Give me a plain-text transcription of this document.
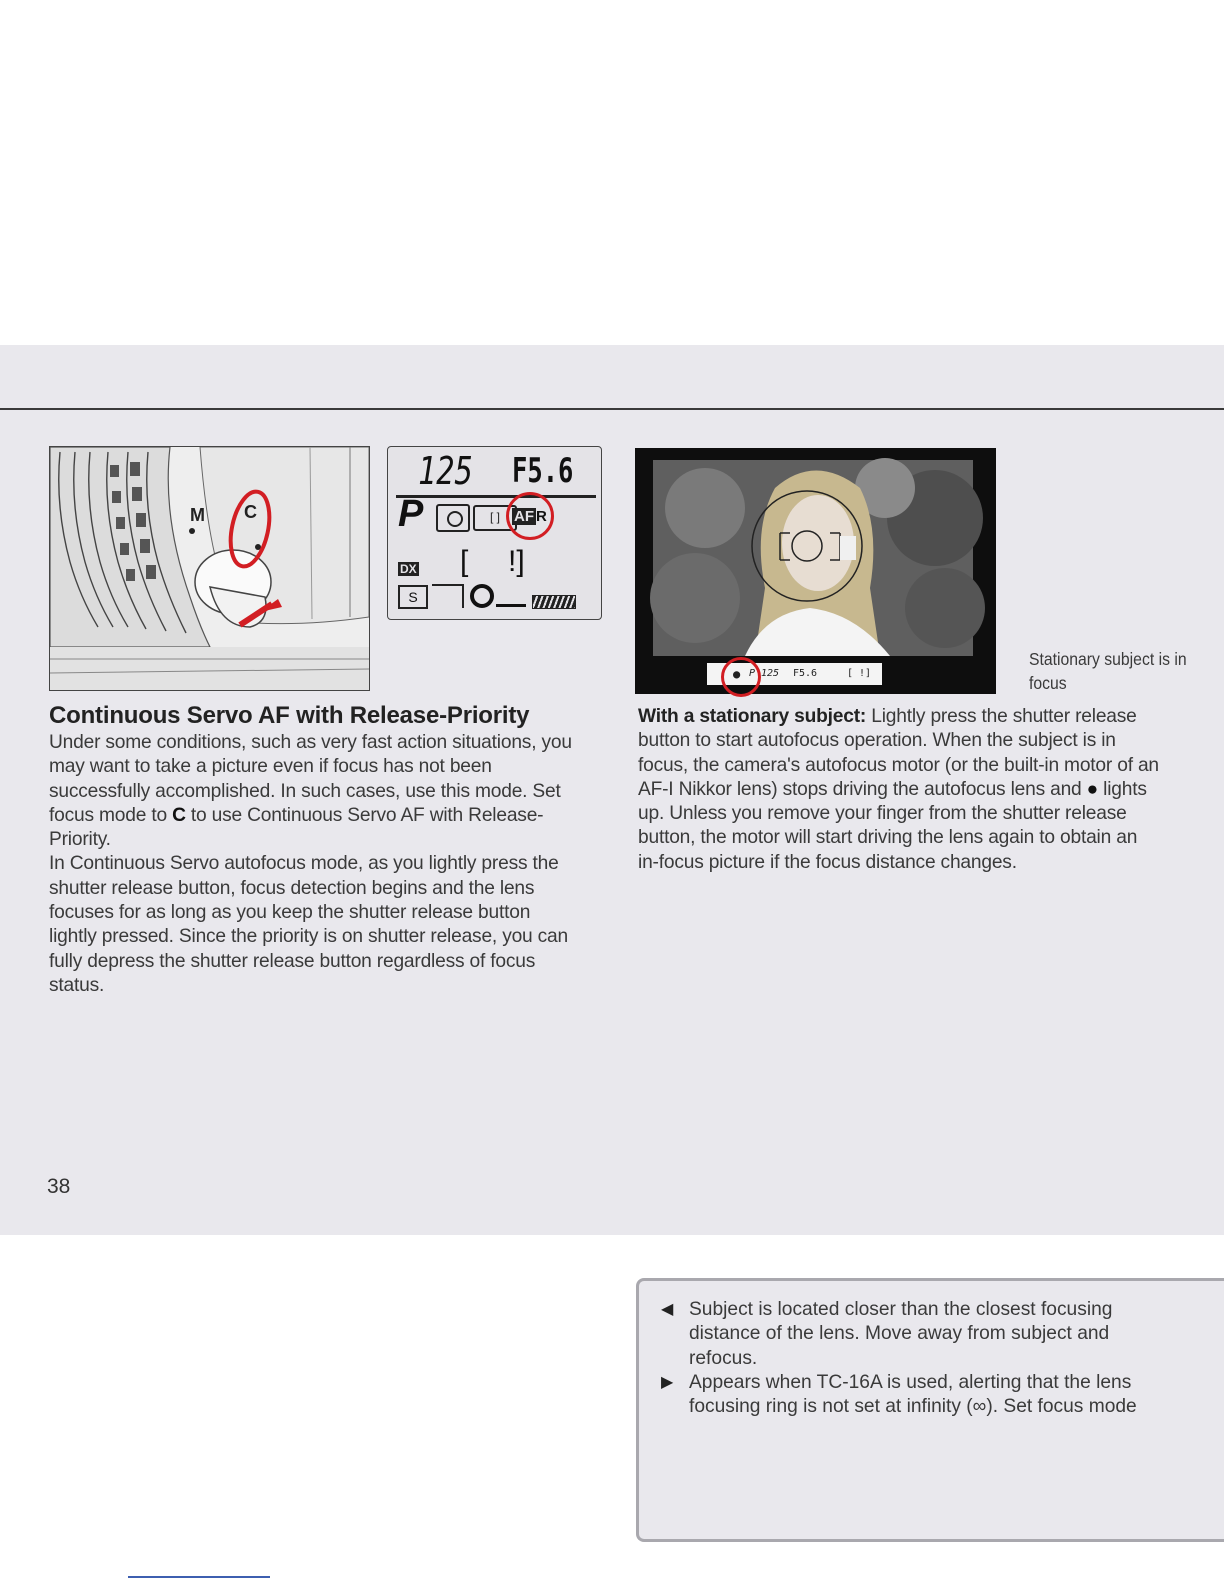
M C
125 F5.6
P	[ ] AF R
DX [ !]
S
Continuous Servo AF with Release-Priority
Under some conditions, such as very fast action situations, you
may want to take a picture even if focus has not been
successfully accomplished. In such cases, use this mode. Set
focus mode to C to use Continuous Servo AF with Release-
Priority.
In Continuous Servo autofocus mode, as you lightly press the
shutter release button, focus detection begins and the lens
focuses for as long as you keep the shutter release button
lightly pressed. Since the priority is on shutter release, you can
fully depress the shutter release button regardless of focus
status.
● P 125 F5.6	[ !]
Stationary subject is in
focus
With a stationary subject: Lightly press the shutter release
button to start autofocus operation. When the subject is in
focus, the camera's autofocus motor (or the built-in motor of an
AF-I Nikkor lens) stops driving the autofocus lens and ● lights
up. Unless you remove your finger from the shutter release
button, the motor will start driving the lens again to obtain an
in-focus picture if the focus distance changes.
◀ Subject is located closer than the closest focusing
distance of the lens. Move away from subject and
refocus.
▶ Appears when TC-16A is used, alerting that the lens
focusing ring is not set at infinity (∞). Set focus mode
38
